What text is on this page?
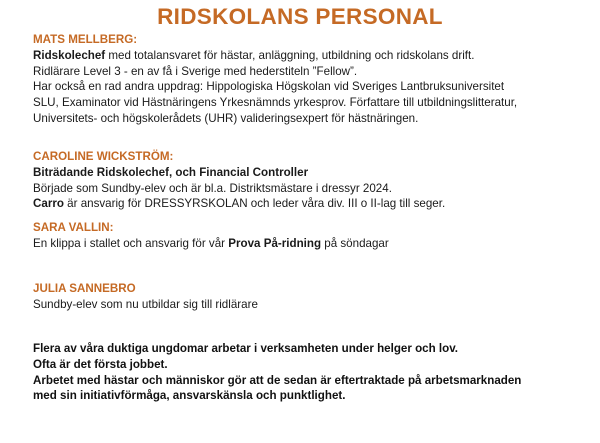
RIDSKOLANS PERSONAL
MATS MELLBERG:
Ridskolechef med totalansvaret för hästar, anläggning, utbildning och ridskolans drift.
Ridlärare Level 3 - en av få i Sverige med hederstiteln ”Fellow”.
Har också en rad andra uppdrag: Hippologiska Högskolan vid Sveriges Lantbruksuniversitet
SLU, Examinator vid Hästnäringens Yrkesnämnds yrkesprov. Författare till utbildningslitteratur,
Universitets- och högskolerådets (UHR) valideringsexpert för hästnäringen.
CAROLINE WICKSTRÖM:
Biträdande Ridskolechef, och Financial Controller
Började som Sundby-elev och är bl.a. Distriktsmästare i dressyr 2024.
Carro är ansvarig för DRESSYRSKOLAN och leder våra div. III o II-lag till seger.
SARA VALLIN:
En klippa i stallet och ansvarig för vår Prova På-ridning på söndagar
JULIA SANNEBRO
Sundby-elev som nu utbildar sig till ridlärare
Flera av våra duktiga ungdomar arbetar i verksamheten under helger och lov.
Ofta är det första jobbet.
Arbetet med hästar och människor gör att de sedan är eftertraktade på arbetsmarknaden
med sin initiativförmåga, ansvarskänsla och punktlighet.
